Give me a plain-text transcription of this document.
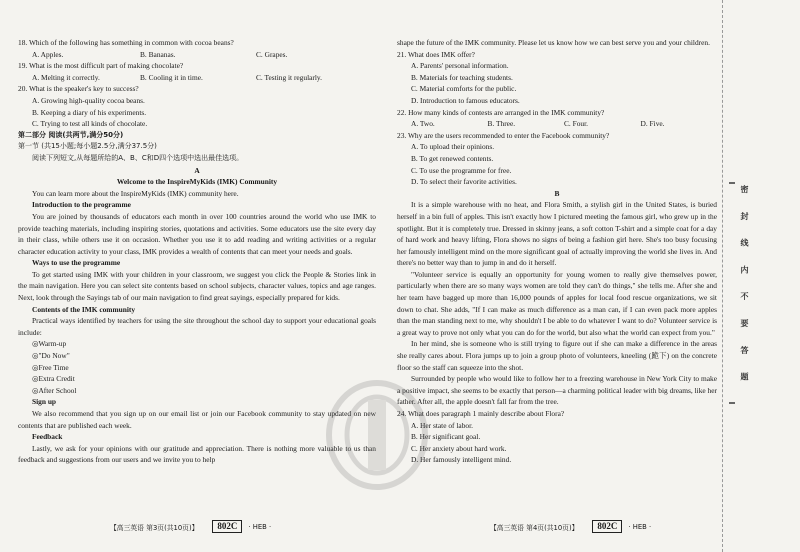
18. Which of the following has something in common with cocoa beans?

A. Apples.	B. Bananas.	C. Grapes.

19. What is the most difficult part of making chocolate?

A. Melting it correctly.	B. Cooling it in time.	C. Testing it regularly.

20. What is the speaker's key to success?

A. Growing high-quality cocoa beans.

B. Keeping a diary of his experiments.

C. Trying to test all kinds of chocolate.

第二部分 阅读(共两节,满分50分)

第一节 (共15小题;每小题2.5分,满分37.5分)

阅读下列短文,从每题所给的A、B、C和D四个选项中选出最佳选项。

A

Welcome to the InspireMyKids (IMK) Community

You can learn more about the InspireMyKids (IMK) community here.

Introduction to the programme

You are joined by thousands of educators each month in over 100 countries around the world who use IMK to provide teaching materials, including inspiring stories, quotations and activities. Some educators use the site every day in their class, while others use it on occasion. Whether you use it to add reading and writing activities or a regular character education activity to your class, IMK provides a wealth of contents that can meet your needs and goals.

Ways to use the programme

To get started using IMK with your children in your classroom, we suggest you click the People & Stories link in the main navigation. Here you can select site contents based on school subjects, character values, topics and age ranges. Next, look through the Sayings tab of our main navigation to find great sayings, especially prepared for kids.

Contents of the IMK community

Practical ways identified by teachers for using the site throughout the school day to support your educational goals include:

◎Warm-up

◎"Do Now"

◎Free Time

◎Extra Credit

◎After School

Sign up

We also recommend that you sign up on our email list or join our Facebook community to stay updated on new contents that are published each week.

Feedback

Lastly, we ask for your opinions with our gratitude and appreciation. There is nothing more valuable to us than feedback and suggestions from our users and we invite you to help

shape the future of the IMK community. Please let us know how we can best serve you and your children.

21. What does IMK offer?

A. Parents' personal information.

B. Materials for teaching students.

C. Material comforts for the public.

D. Introduction to famous educators.

22. How many kinds of contests are arranged in the IMK community?

A. Two.	B. Three.	C. Four.	D. Five.

23. Why are the users recommended to enter the Facebook community?

A. To upload their opinions.

B. To get renewed contents.

C. To use the programme for free.

D. To select their favorite activities.

B

It is a simple warehouse with no heat, and Flora Smith, a stylish girl in the United States, is buried herself in a bin full of apples. This isn't exactly how I pictured meeting the famous girl, who grew up in the spotlight. But it is completely true. Dressed in skinny jeans, a soft cotton T-shirt and a simple coat for a day of hard work and heavy lifting, Flora shows no signs of being a fashion girl here. She's too busy focusing her famously intelligent mind on the more significant goal of actually improving the world she lives in. And there's no better way than to jump in and do it herself.

"Volunteer service is equally an opportunity for young women to really give themselves power, particularly when there are so many ways women are told they can't do things," she tells me. After she and her team have bagged up more than 16,000 pounds of apples for local food rescue organizations, we sit down to chat. She adds, "If I can make as much difference as a man can, if I can even pack more apples than the man standing next to me, why shouldn't I be able to do whatever I want to do? Volunteer service is a great way to prove not only what you can do for the world, but also what the world can expect from you."

In her mind, she is someone who is still trying to figure out if she can make a difference in the areas she really cares about. Flora jumps up to join a group photo of volunteers, kneeling (跪下) on the concrete floor so the staff can squeeze into the shot.

Surrounded by people who would like to follow her to a freezing warehouse in New York City to make a positive impact, she seems to be exactly that person—a charming political leader with big dreams, like her father. After all, the apple doesn't fall far from the tree.

24. What does paragraph 1 mainly describe about Flora?

A. Her state of labor.

B. Her significant goal.

C. Her anxiety about hard work.

D. Her famously intelligent mind.

【高三英语 第3页(共10页)】	802C	· HEB ·	【高三英语 第4页(共10页)】	802C	· HEB ·
密 封 线 内 不 要 答 题
